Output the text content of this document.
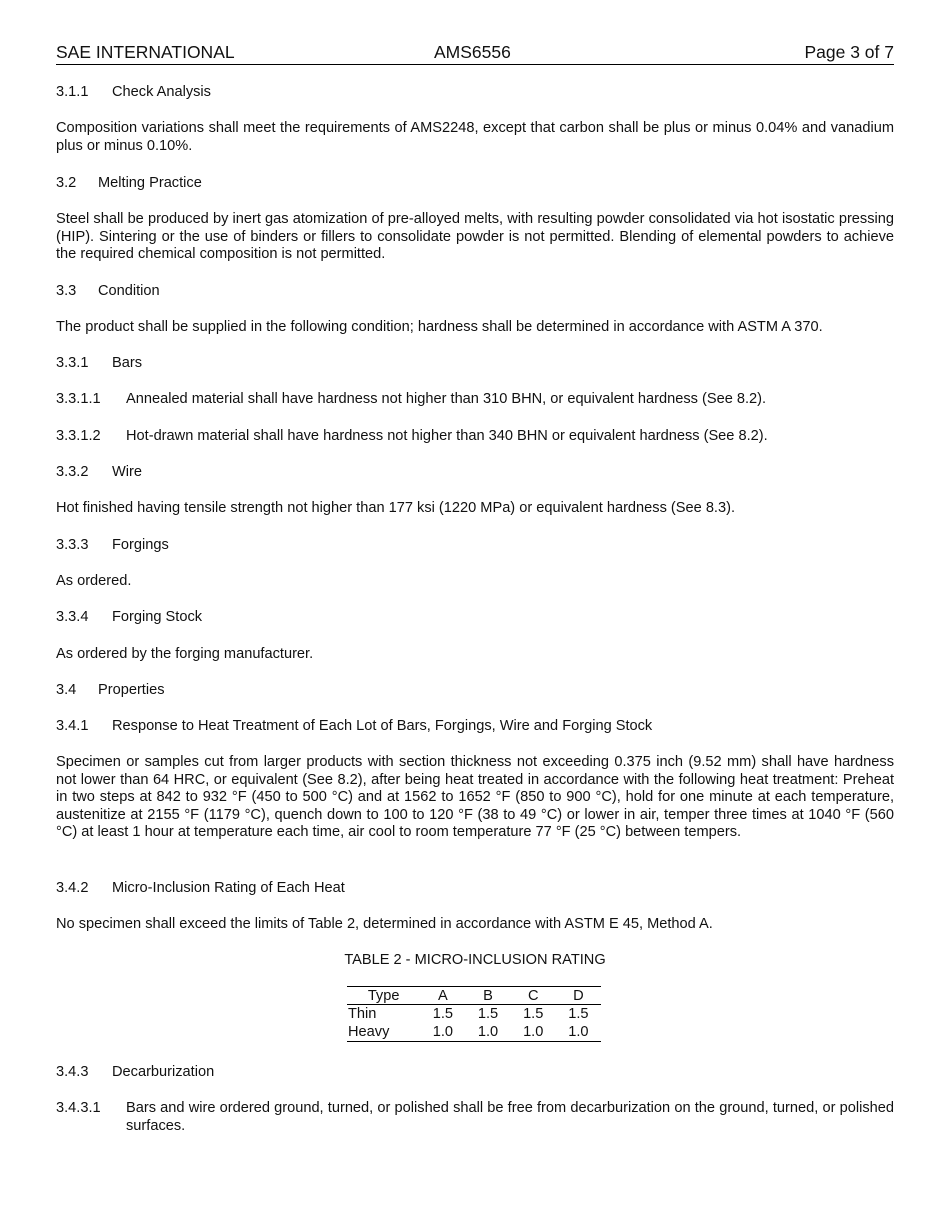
SAE INTERNATIONAL	AMS6556	Page 3 of 7
3.1.1 Check Analysis
Composition variations shall meet the requirements of AMS2248, except that carbon shall be plus or minus 0.04% and vanadium plus or minus 0.10%.
3.2 Melting Practice
Steel shall be produced by inert gas atomization of pre-alloyed melts, with resulting powder consolidated via hot isostatic pressing (HIP). Sintering or the use of binders or fillers to consolidate powder is not permitted. Blending of elemental powders to achieve the required chemical composition is not permitted.
3.3 Condition
The product shall be supplied in the following condition; hardness shall be determined in accordance with ASTM A 370.
3.3.1 Bars
3.3.1.1 Annealed material shall have hardness not higher than 310 BHN, or equivalent hardness (See 8.2).
3.3.1.2 Hot-drawn material shall have hardness not higher than 340 BHN or equivalent hardness (See 8.2).
3.3.2 Wire
Hot finished having tensile strength not higher than 177 ksi (1220 MPa) or equivalent hardness (See 8.3).
3.3.3 Forgings
As ordered.
3.3.4 Forging Stock
As ordered by the forging manufacturer.
3.4 Properties
3.4.1 Response to Heat Treatment of Each Lot of Bars, Forgings, Wire and Forging Stock
Specimen or samples cut from larger products with section thickness not exceeding 0.375 inch (9.52 mm) shall have hardness not lower than 64 HRC, or equivalent (See 8.2), after being heat treated in accordance with the following heat treatment: Preheat in two steps at 842 to 932 °F (450 to 500 °C) and at 1562 to 1652 °F (850 to 900 °C), hold for one minute at each temperature, austenitize at 2155 °F (1179 °C), quench down to 100 to 120 °F (38 to 49 °C) or lower in air, temper three times at 1040 °F (560 °C) at least 1 hour at temperature each time, air cool to room temperature 77 °F (25 °C) between tempers.
3.4.2 Micro-Inclusion Rating of Each Heat
No specimen shall exceed the limits of Table 2, determined in accordance with ASTM E 45, Method A.
TABLE 2 - MICRO-INCLUSION RATING
Type	A	B	C	D
Thin	1.5	1.5	1.5	1.5
Heavy	1.0	1.0	1.0	1.0
3.4.3 Decarburization
3.4.3.1 Bars and wire ordered ground, turned, or polished shall be free from decarburization on the ground, turned, or polished surfaces.
